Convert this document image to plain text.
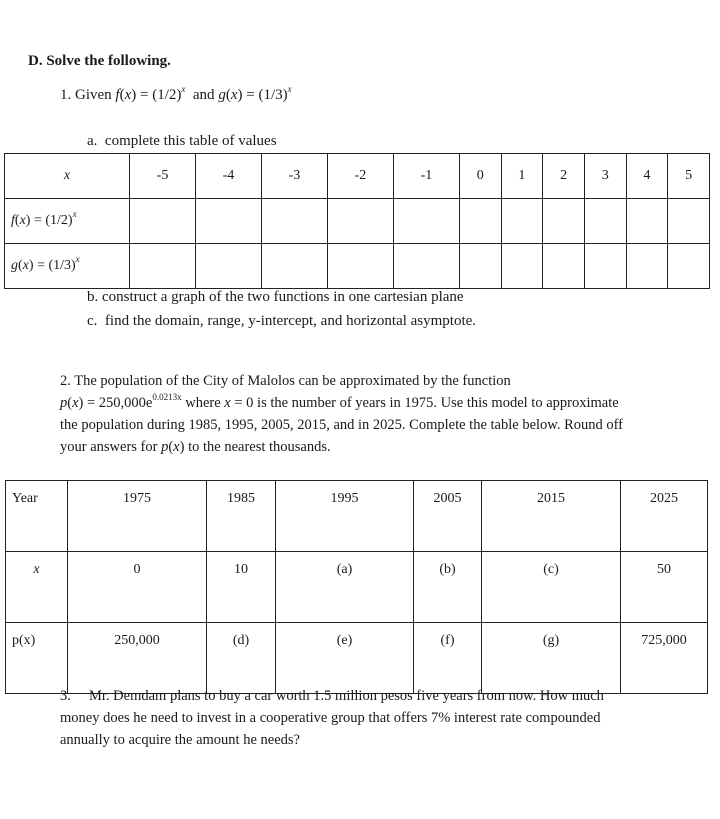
D. Solve the following.
1. Given $f(x) = (1/2)^x$ and $g(x) = (1/3)^x$
a. complete this table of values
x	-5	-4	-3	-2	-1	0	1	2	3	4	5
$f(x) = (1/2)^x$											
$g(x) = (1/3)^x$											
b. construct a graph of the two functions in one cartesian plane
c. find the domain, range, y-intercept, and horizontal asymptote.
2. The population of the City of Malolos can be approximated by the function
$p(x) = 250,000e^{0.0213x}$ where x = 0 is the number of years in 1975. Use this model to approximate
the population during 1985, 1995, 2005, 2015, and in 2025. Complete the table below. Round off
your answers for p(x) to the nearest thousands.
Year	1975	1985	1995	2005	2015	2025
x	0	10	(a)	(b)	(c)	50
p(x)	250,000	(d)	(e)	(f)	(g)	725,000
3. Mr. Demdam plans to buy a car worth 1.5 million pesos five years from now. How much
money does he need to invest in a cooperative group that offers 7% interest rate compounded
annually to acquire the amount he needs?
